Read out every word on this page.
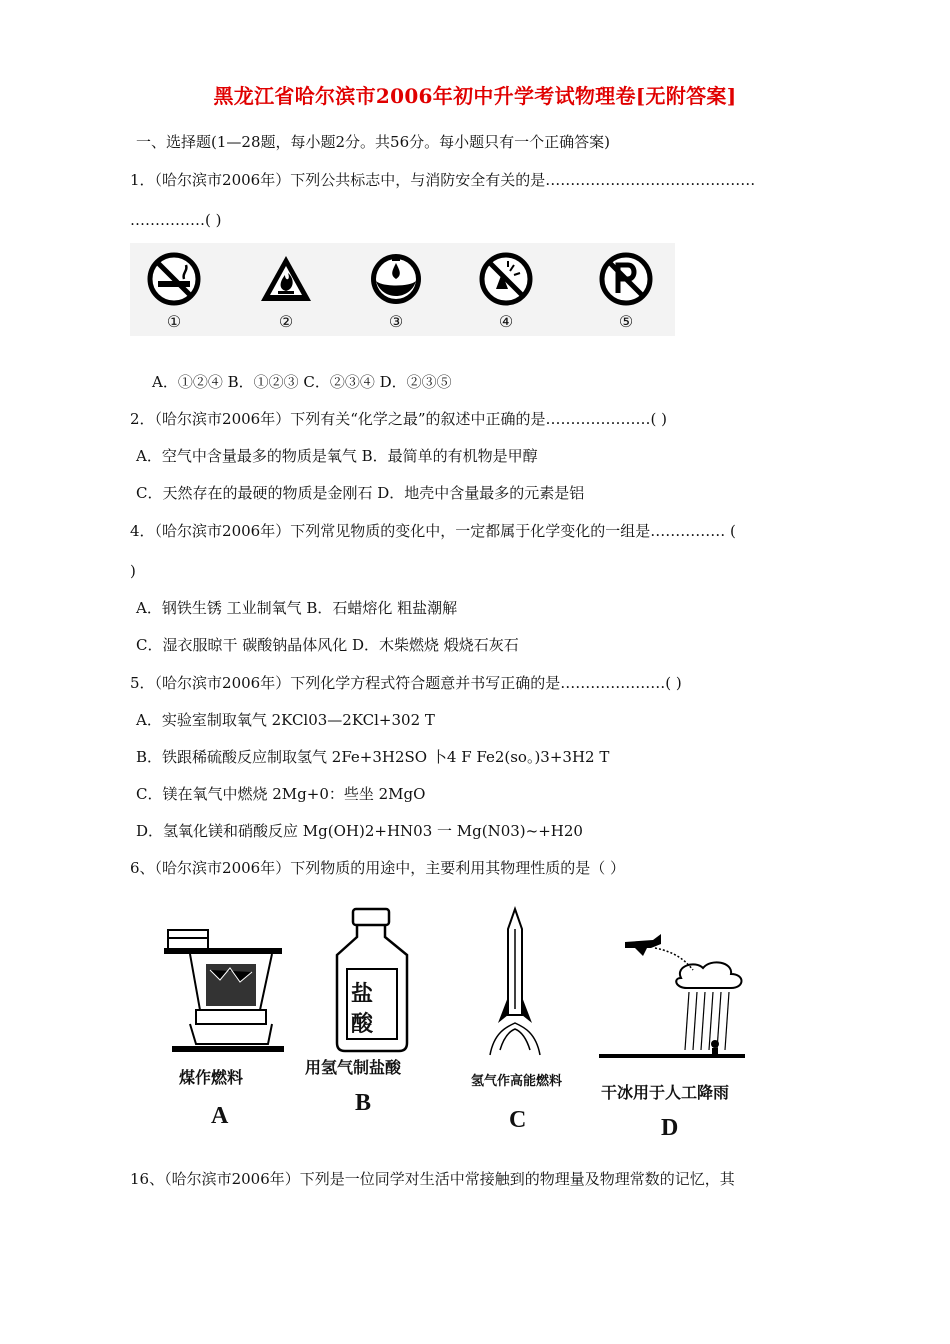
黑龙江省哈尔滨市2006年初中升学考试物理卷[无附答案]
一、选择题(1—28题，每小题2分。共56分。每小题只有一个正确答案)
1．（哈尔滨市2006年）下列公共标志中，与消防安全有关的是……………………………………
……………( )
①	②	③	④	⑤
A．①②④ B．①②③ C．②③④ D．②③⑤
2．（哈尔滨市2006年）下列有关“化学之最”的叙述中正确的是…………………( )
A．空气中含量最多的物质是氧气 B．最简单的有机物是甲醇
C．天然存在的最硬的物质是金刚石 D．地壳中含量最多的元素是铝
4．（哈尔滨市2006年）下列常见物质的变化中，一定都属于化学变化的一组是…………… (
)
A．钢铁生锈 工业制氧气 B．石蜡熔化 粗盐潮解
C．湿衣服晾干 碳酸钠晶体风化 D．木柴燃烧 煅烧石灰石
5．（哈尔滨市2006年）下列化学方程式符合题意并书写正确的是…………………( )
A．实验室制取氧气 2KCl03—2KCl+302 T
B．铁跟稀硫酸反应制取氢气 2Fe+3H2SO 卜4 F Fe2(so。)3+3H2 T
C．镁在氧气中燃烧 2Mg+0：些坐 2MgO
D．氢氧化镁和硝酸反应 Mg(OH)2+HN03 一 Mg(N03)~+H20
6、（哈尔滨市2006年）下列物质的用途中，主要利用其物理性质的是（ ）
盐
酸
煤作燃料
用氢气制盐酸
氢气作高能燃料
干冰用于人工降雨
A	B
C	D
16、（哈尔滨市2006年）下列是一位同学对生活中常接触到的物理量及物理常数的记忆，其
